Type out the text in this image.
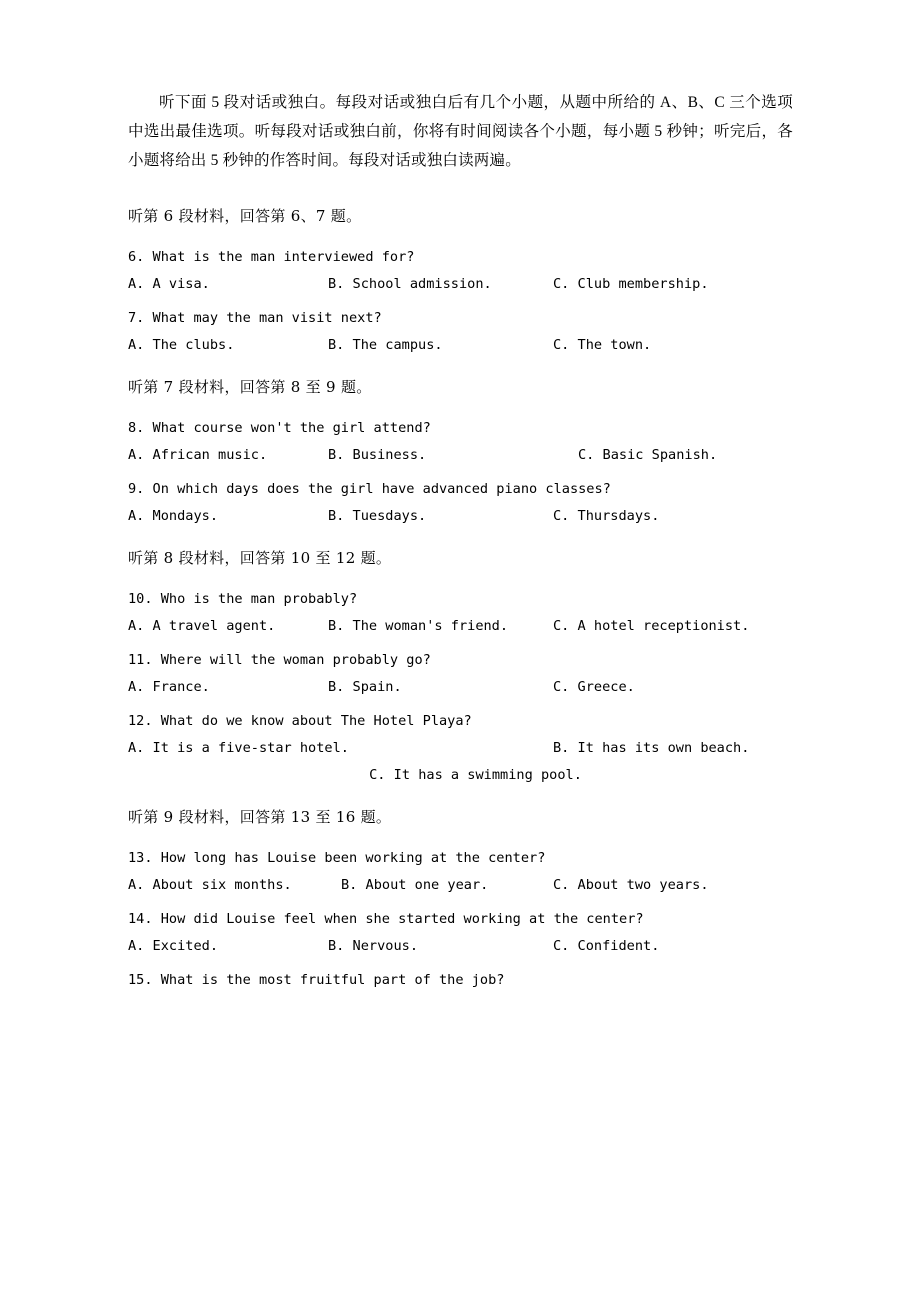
听下面 5 段对话或独白。每段对话或独白后有几个小题，从题中所给的 A、B、C 三个选项中选出最佳选项。听每段对话或独白前，你将有时间阅读各个小题，每小题 5 秒钟；听完后，各小题将给出 5 秒钟的作答时间。每段对话或独白读两遍。

听第 6 段材料，回答第 6、7 题。

6. What is the man interviewed for?

A. A visa.

	B. School admission.

	C. Club membership.

7. What may the man visit next?

A. The clubs.

	B. The campus.

	C. The town.

听第 7 段材料，回答第 8 至 9 题。

8. What course won't the girl attend?

A. African music.

	B. Business.

	C. Basic Spanish.

9. On which days does the girl have advanced piano classes?

A. Mondays.

	B. Tuesdays.

	C. Thursdays.

听第 8 段材料，回答第 10 至 12 题。

10. Who is the man probably?

A. A travel agent.

	B. The woman's friend.

	C. A hotel receptionist.

11. Where will the woman probably go?

A. France.

	B. Spain.

	C. Greece.

12. What do we know about The Hotel Playa?

A. It is a five-star hotel.

	B. It has its own beach.

C. It has a swimming pool.

听第 9 段材料，回答第 13 至 16 题。

13. How long has Louise been working at the center?

A. About six months.

	B. About one year.

	C. About two years.

14. How did Louise feel when she started working at the center?

A. Excited.

	B. Nervous.

	C. Confident.

15. What is the most fruitful part of the job?
